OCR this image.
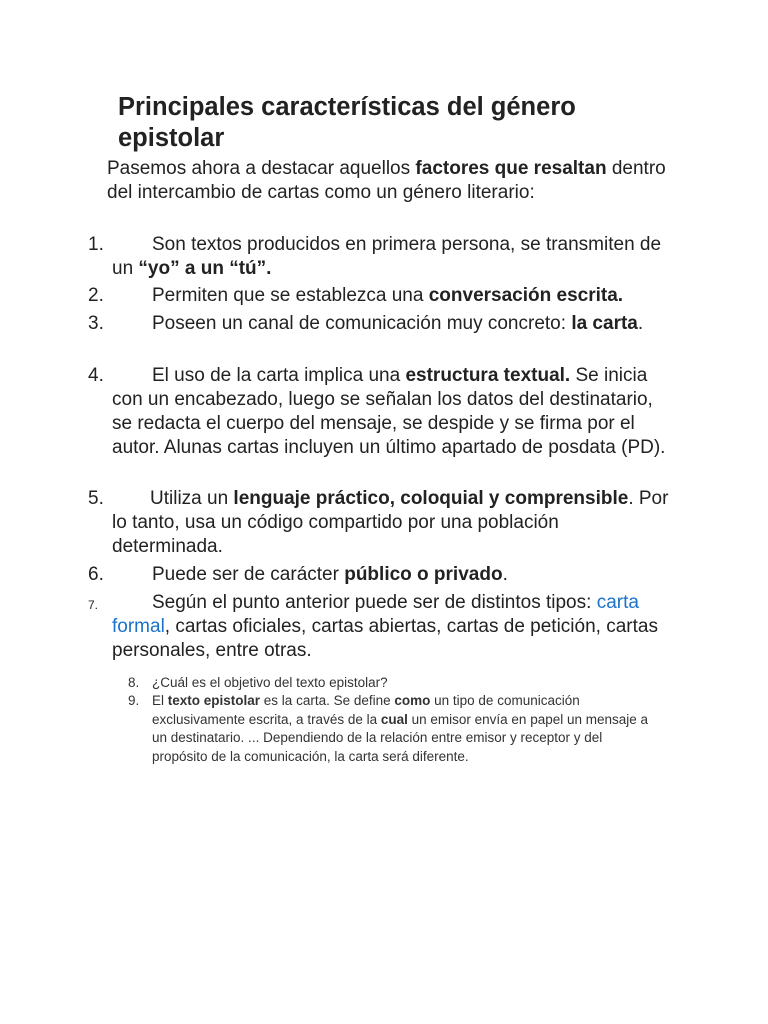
Principales características del género epistolar

Pasemos ahora a destacar aquellos factores que resaltan dentro del intercambio de cartas como un género literario:

1.	Son textos producidos en primera persona, se transmiten de un “yo” a un “tú”.
2.	Permiten que se establezca una conversación escrita.
3.	Poseen un canal de comunicación muy concreto: la carta.
4.	El uso de la carta implica una estructura textual. Se inicia con un encabezado, luego se señalan los datos del destinatario, se redacta el cuerpo del mensaje, se despide y se firma por el autor. Alunas cartas incluyen un último apartado de posdata (PD).
5. Utiliza un lenguaje práctico, coloquial y comprensible. Por lo tanto, usa un código compartido por una población determinada.
6.	Puede ser de carácter público o privado.
7.	Según el punto anterior puede ser de distintos tipos: carta formal, cartas oficiales, cartas abiertas, cartas de petición, cartas personales, entre otras.
8. ¿Cuál es el objetivo del texto epistolar?
9. El texto epistolar es la carta. Se define como un tipo de comunicación exclusivamente escrita, a través de la cual un emisor envía en papel un mensaje a un destinatario. ... Dependiendo de la relación entre emisor y receptor y del propósito de la comunicación, la carta será diferente.
